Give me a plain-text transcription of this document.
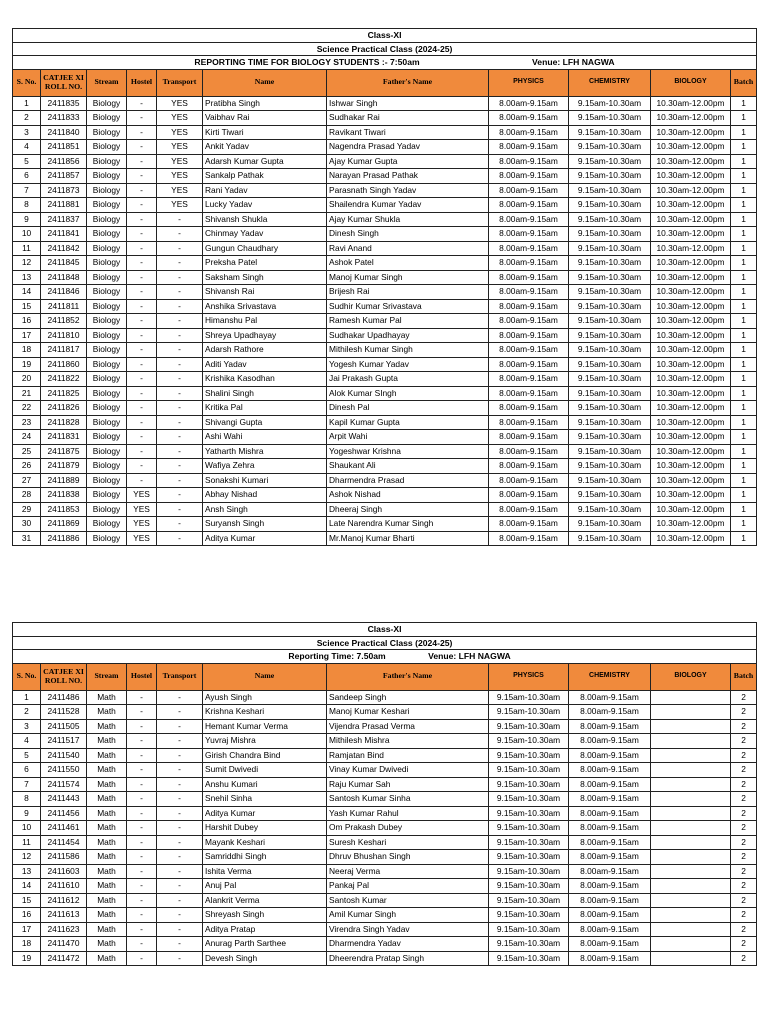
Class-XI										
Science Practical Class (2024-25)										
REPORTING TIME FOR BIOLOGY STUDENTS :- 7:50am Venue: LFH NAGWA										
S. No.	CATJEE XI ROLL NO.	Stream	Hostel	Transport	Name	Father's Name	PHYSICS	CHEMISTRY	BIOLOGY	Batch
1	2411835	Biology	-	YES	Pratibha Singh	Ishwar Singh	8.00am-9.15am	9.15am-10.30am	10.30am-12.00pm	1
2	2411833	Biology	-	YES	Vaibhav Rai	Sudhakar Rai	8.00am-9.15am	9.15am-10.30am	10.30am-12.00pm	1
3	2411840	Biology	-	YES	Kirti Tiwari	Ravikant Tiwari	8.00am-9.15am	9.15am-10.30am	10.30am-12.00pm	1
4	2411851	Biology	-	YES	Ankit Yadav	Nagendra Prasad Yadav	8.00am-9.15am	9.15am-10.30am	10.30am-12.00pm	1
5	2411856	Biology	-	YES	Adarsh Kumar Gupta	Ajay Kumar Gupta	8.00am-9.15am	9.15am-10.30am	10.30am-12.00pm	1
6	2411857	Biology	-	YES	Sankalp Pathak	Narayan Prasad Pathak	8.00am-9.15am	9.15am-10.30am	10.30am-12.00pm	1
7	2411873	Biology	-	YES	Rani Yadav	Parasnath Singh Yadav	8.00am-9.15am	9.15am-10.30am	10.30am-12.00pm	1
8	2411881	Biology	-	YES	Lucky Yadav	Shailendra Kumar Yadav	8.00am-9.15am	9.15am-10.30am	10.30am-12.00pm	1
9	2411837	Biology	-	-	Shivansh Shukla	Ajay Kumar Shukla	8.00am-9.15am	9.15am-10.30am	10.30am-12.00pm	1
10	2411841	Biology	-	-	Chinmay Yadav	Dinesh Singh	8.00am-9.15am	9.15am-10.30am	10.30am-12.00pm	1
11	2411842	Biology	-	-	Gungun Chaudhary	Ravi Anand	8.00am-9.15am	9.15am-10.30am	10.30am-12.00pm	1
12	2411845	Biology	-	-	Preksha Patel	Ashok Patel	8.00am-9.15am	9.15am-10.30am	10.30am-12.00pm	1
13	2411848	Biology	-	-	Saksham Singh	Manoj Kumar Singh	8.00am-9.15am	9.15am-10.30am	10.30am-12.00pm	1
14	2411846	Biology	-	-	Shivansh Rai	Brijesh Rai	8.00am-9.15am	9.15am-10.30am	10.30am-12.00pm	1
15	2411811	Biology	-	-	Anshika Srivastava	Sudhir Kumar Srivastava	8.00am-9.15am	9.15am-10.30am	10.30am-12.00pm	1
16	2411852	Biology	-	-	Himanshu Pal	Ramesh Kumar Pal	8.00am-9.15am	9.15am-10.30am	10.30am-12.00pm	1
17	2411810	Biology	-	-	Shreya Upadhayay	Sudhakar Upadhayay	8.00am-9.15am	9.15am-10.30am	10.30am-12.00pm	1
18	2411817	Biology	-	-	Adarsh Rathore	Mithilesh Kumar Singh	8.00am-9.15am	9.15am-10.30am	10.30am-12.00pm	1
19	2411860	Biology	-	-	Aditi Yadav	Yogesh Kumar Yadav	8.00am-9.15am	9.15am-10.30am	10.30am-12.00pm	1
20	2411822	Biology	-	-	Krishika Kasodhan	Jai Prakash Gupta	8.00am-9.15am	9.15am-10.30am	10.30am-12.00pm	1
21	2411825	Biology	-	-	Shalini Singh	Alok Kumar SIngh	8.00am-9.15am	9.15am-10.30am	10.30am-12.00pm	1
22	2411826	Biology	-	-	Kritika Pal	Dinesh Pal	8.00am-9.15am	9.15am-10.30am	10.30am-12.00pm	1
23	2411828	Biology	-	-	Shivangi Gupta	Kapil Kumar Gupta	8.00am-9.15am	9.15am-10.30am	10.30am-12.00pm	1
24	2411831	Biology	-	-	Ashi Wahi	Arpit Wahi	8.00am-9.15am	9.15am-10.30am	10.30am-12.00pm	1
25	2411875	Biology	-	-	Yatharth Mishra	Yogeshwar Krishna	8.00am-9.15am	9.15am-10.30am	10.30am-12.00pm	1
26	2411879	Biology	-	-	Wafiya Zehra	Shaukant Ali	8.00am-9.15am	9.15am-10.30am	10.30am-12.00pm	1
27	2411889	Biology	-	-	Sonakshi Kumari	Dharmendra Prasad	8.00am-9.15am	9.15am-10.30am	10.30am-12.00pm	1
28	2411838	Biology	YES	-	Abhay Nishad	Ashok Nishad	8.00am-9.15am	9.15am-10.30am	10.30am-12.00pm	1
29	2411853	Biology	YES	-	Ansh Singh	Dheeraj Singh	8.00am-9.15am	9.15am-10.30am	10.30am-12.00pm	1
30	2411869	Biology	YES	-	Suryansh Singh	Late Narendra Kumar Singh	8.00am-9.15am	9.15am-10.30am	10.30am-12.00pm	1
31	2411886	Biology	YES	-	Aditya Kumar	Mr.Manoj Kumar Bharti	8.00am-9.15am	9.15am-10.30am	10.30am-12.00pm	1
Class-XI										
Science Practical Class (2024-25)										
Reporting Time: 7.50am Venue: LFH NAGWA										
S. No.	CATJEE XI ROLL NO.	Stream	Hostel	Transport	Name	Father's Name	PHYSICS	CHEMISTRY	BIOLOGY	Batch
1	2411486	Math	-	-	Ayush Singh	Sandeep Singh	9.15am-10.30am	8.00am-9.15am		2
2	2411528	Math	-	-	Krishna Keshari	Manoj Kumar Keshari	9.15am-10.30am	8.00am-9.15am		2
3	2411505	Math	-	-	Hemant Kumar Verma	Vijendra Prasad Verma	9.15am-10.30am	8.00am-9.15am		2
4	2411517	Math	-	-	Yuvraj Mishra	Mithilesh Mishra	9.15am-10.30am	8.00am-9.15am		2
5	2411540	Math	-	-	Girish Chandra Bind	Ramjatan Bind	9.15am-10.30am	8.00am-9.15am		2
6	2411550	Math	-	-	Sumit Dwivedi	Vinay Kumar Dwivedi	9.15am-10.30am	8.00am-9.15am		2
7	2411574	Math	-	-	Anshu Kumari	Raju Kumar Sah	9.15am-10.30am	8.00am-9.15am		2
8	2411443	Math	-	-	Snehil Sinha	Santosh Kumar Sinha	9.15am-10.30am	8.00am-9.15am		2
9	2411456	Math	-	-	Aditya Kumar	Yash Kumar Rahul	9.15am-10.30am	8.00am-9.15am		2
10	2411461	Math	-	-	Harshit Dubey	Om Prakash Dubey	9.15am-10.30am	8.00am-9.15am		2
11	2411454	Math	-	-	Mayank Keshari	Suresh Keshari	9.15am-10.30am	8.00am-9.15am		2
12	2411586	Math	-	-	Samriddhi Singh	Dhruv Bhushan Singh	9.15am-10.30am	8.00am-9.15am		2
13	2411603	Math	-	-	Ishita Verma	Neeraj Verma	9.15am-10.30am	8.00am-9.15am		2
14	2411610	Math	-	-	Anuj Pal	Pankaj Pal	9.15am-10.30am	8.00am-9.15am		2
15	2411612	Math	-	-	Alankrit Verma	Santosh Kumar	9.15am-10.30am	8.00am-9.15am		2
16	2411613	Math	-	-	Shreyash Singh	Amil Kumar Singh	9.15am-10.30am	8.00am-9.15am		2
17	2411623	Math	-	-	Aditya Pratap	Virendra Singh Yadav	9.15am-10.30am	8.00am-9.15am		2
18	2411470	Math	-	-	Anurag Parth Sarthee	Dharmendra Yadav	9.15am-10.30am	8.00am-9.15am		2
19	2411472	Math	-	-	Devesh Singh	Dheerendra Pratap Singh	9.15am-10.30am	8.00am-9.15am		2
